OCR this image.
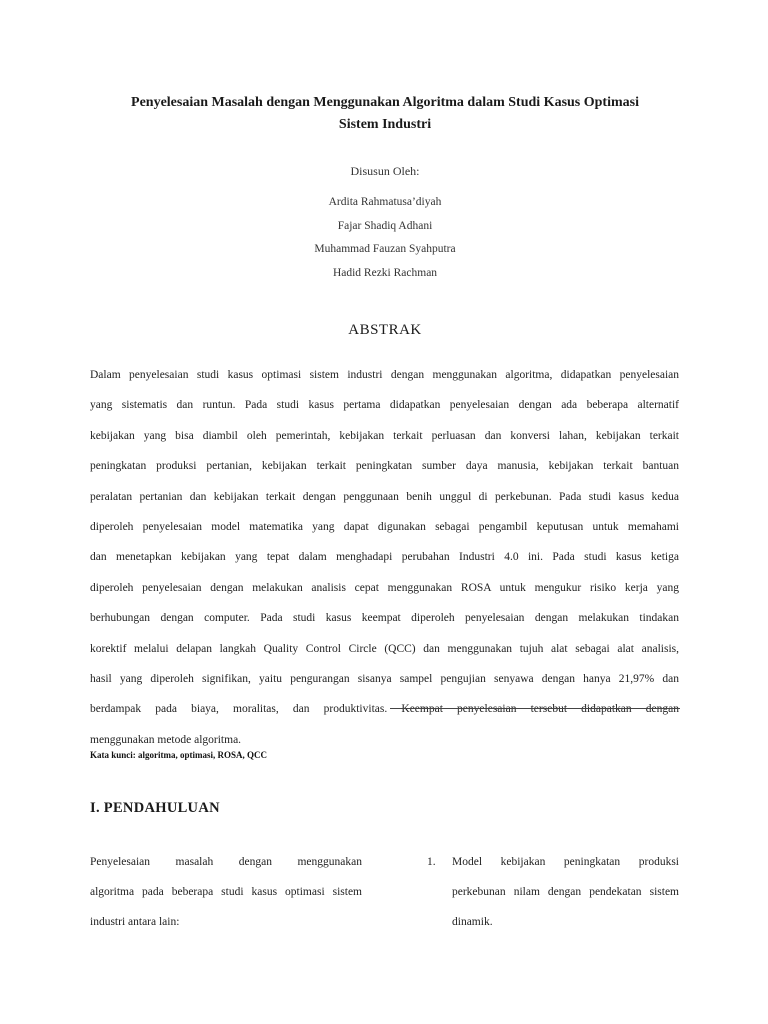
Penyelesaian Masalah dengan Menggunakan Algoritma dalam Studi Kasus Optimasi
Sistem Industri
Disusun Oleh:
Ardita Rahmatusa’diyah
Fajar Shadiq Adhani
Muhammad Fauzan Syahputra
Hadid Rezki Rachman
ABSTRAK
Dalam penyelesaian studi kasus optimasi sistem industri dengan menggunakan algoritma, didapatkan penyelesaian
yang sistematis dan runtun. Pada studi kasus pertama didapatkan penyelesaian dengan ada beberapa alternatif
kebijakan yang bisa diambil oleh pemerintah, kebijakan terkait perluasan dan konversi lahan, kebijakan terkait
peningkatan produksi pertanian, kebijakan terkait peningkatan sumber daya manusia, kebijakan terkait bantuan
peralatan pertanian dan kebijakan terkait dengan penggunaan benih unggul di perkebunan. Pada studi kasus kedua
diperoleh penyelesaian model matematika yang dapat digunakan sebagai pengambil keputusan untuk memahami
dan menetapkan kebijakan yang tepat dalam menghadapi perubahan Industri 4.0 ini. Pada studi kasus ketiga
diperoleh penyelesaian dengan melakukan analisis cepat menggunakan ROSA untuk mengukur risiko kerja yang
berhubungan dengan computer. Pada studi kasus keempat diperoleh penyelesaian dengan melakukan tindakan
korektif melalui delapan langkah Quality Control Circle (QCC) dan menggunakan tujuh alat sebagai alat analisis,
hasil yang diperoleh signifikan, yaitu pengurangan sisanya sampel pengujian senyawa dengan hanya 21,97% dan
berdampak pada biaya, moralitas, dan produktivitas. Keempat penyelesaian tersebut didapatkan dengan
menggunakan metode algoritma.
Kata kunci: algoritma, optimasi, ROSA, QCC
I. PENDAHULUAN
Penyelesaian masalah dengan menggunakan
algoritma pada beberapa studi kasus optimasi sistem
industri antara lain:
1. Model kebijakan peningkatan produksi
perkebunan nilam dengan pendekatan sistem
dinamik.
